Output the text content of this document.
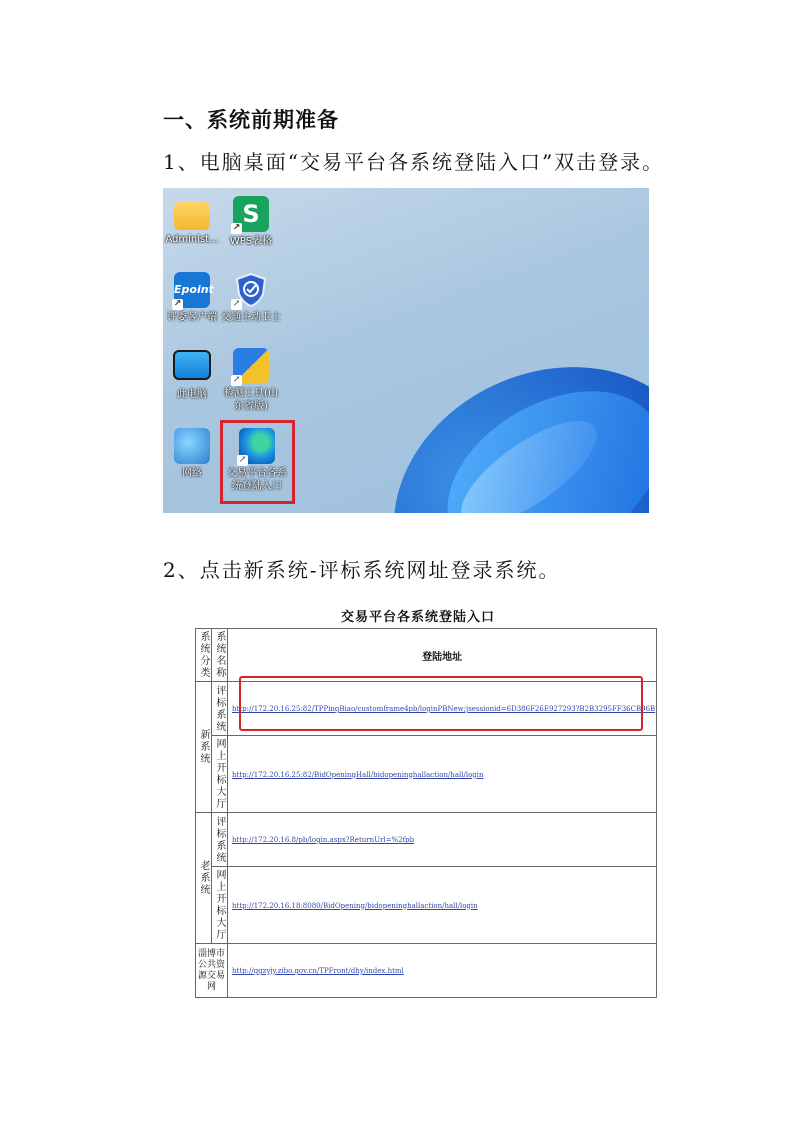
一、系统前期准备
1、电脑桌面“交易平台各系统登陆入口”双击登录。
Administ...
S
↗
WPS表格
Epoint
↗
评委客户端
↗
交通主动卫士
此电脑
↗
检测工具(山
东省版)
网络
↗
交易平台各系
统登陆入口
2、点击新系统-评标系统网址登录系统。
交易平台各系统登陆入口
系统分类	系统名称	登陆地址
新系统	评标系统	http://172.20.16.25:82/TPPingBiao/customframe4pb/loginPBNew;jsessionid=6D386F26E927293?B2B3295FF36CB96B
	网上开标大厅	http://172.20.16.25:82/BidOpeningHall/bidopeninghallaction/hall/login
老系统	评标系统	http://172.20.16.8/pb/login.aspx?ReturnUrl=%2fpb
	网上开标大厅	http://172.20.16.18:8080/BidOpening/bidopeninghallaction/hall/login
淄博市公共资源交易网		http://ggzyjy.zibo.gov.cn/TPFront/dhy/index.html
